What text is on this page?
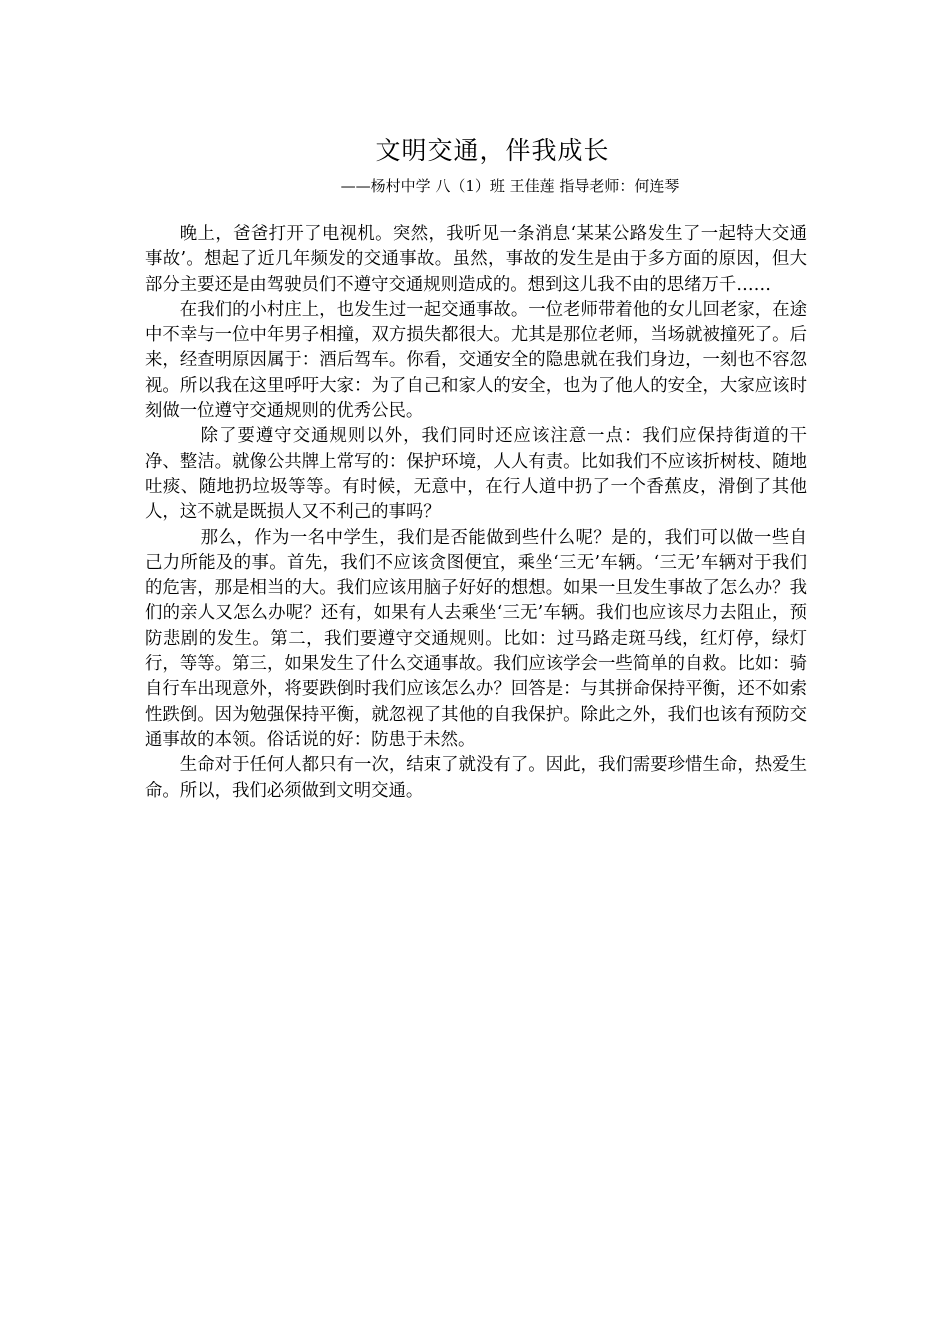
文明交通，伴我成长
——杨村中学 八（1）班 王佳莲 指导老师：何连琴

晚上，爸爸打开了电视机。突然，我听见一条消息‘某某公路发生了一起特大交通事故’。想起了近几年频发的交通事故。虽然，事故的发生是由于多方面的原因，但大部分主要还是由驾驶员们不遵守交通规则造成的。想到这儿我不由的思绪万千……

在我们的小村庄上，也发生过一起交通事故。一位老师带着他的女儿回老家，在途中不幸与一位中年男子相撞，双方损失都很大。尤其是那位老师，当场就被撞死了。后来，经查明原因属于：酒后驾车。你看，交通安全的隐患就在我们身边，一刻也不容忽视。所以我在这里呼吁大家：为了自己和家人的安全，也为了他人的安全，大家应该时刻做一位遵守交通规则的优秀公民。

除了要遵守交通规则以外，我们同时还应该注意一点：我们应保持街道的干净、整洁。就像公共牌上常写的：保护环境，人人有责。比如我们不应该折树枝、随地吐痰、随地扔垃圾等等。有时候，无意中，在行人道中扔了一个香蕉皮，滑倒了其他人，这不就是既损人又不利己的事吗？

那么，作为一名中学生，我们是否能做到些什么呢？是的，我们可以做一些自己力所能及的事。首先，我们不应该贪图便宜，乘坐‘三无’车辆。‘三无’车辆对于我们的危害，那是相当的大。我们应该用脑子好好的想想。如果一旦发生事故了怎么办？我们的亲人又怎么办呢？还有，如果有人去乘坐‘三无’车辆。我们也应该尽力去阻止，预防悲剧的发生。第二，我们要遵守交通规则。比如：过马路走斑马线，红灯停，绿灯行，等等。第三，如果发生了什么交通事故。我们应该学会一些简单的自救。比如：骑自行车出现意外，将要跌倒时我们应该怎么办？回答是：与其拼命保持平衡，还不如索性跌倒。因为勉强保持平衡，就忽视了其他的自我保护。除此之外，我们也该有预防交通事故的本领。俗话说的好：防患于未然。

生命对于任何人都只有一次，结束了就没有了。因此，我们需要珍惜生命，热爱生命。所以，我们必须做到文明交通。
